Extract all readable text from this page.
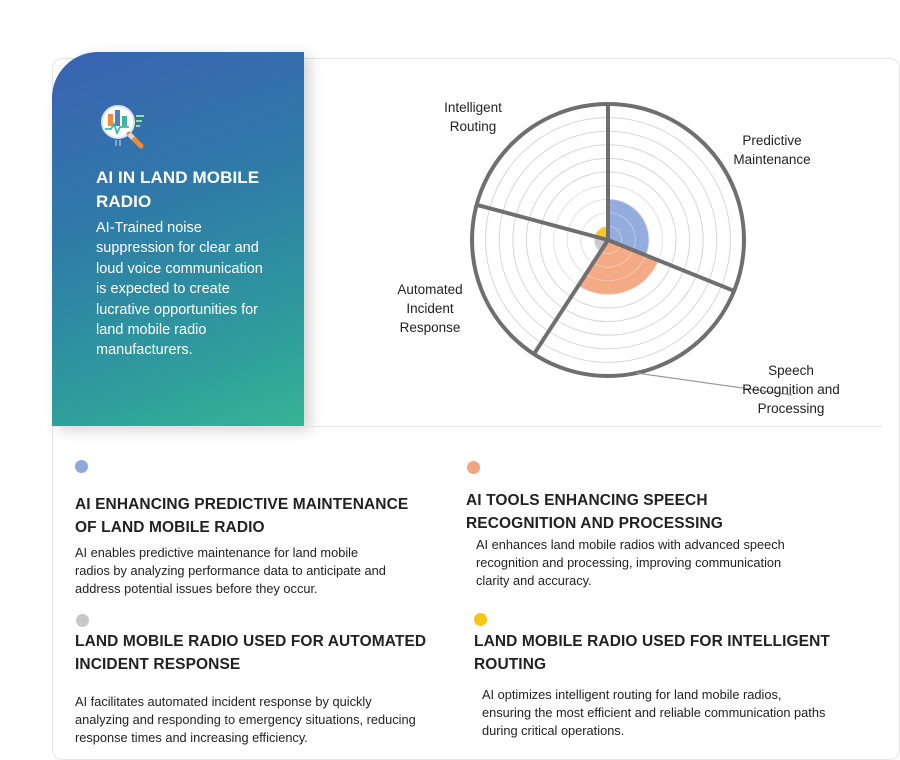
AI IN LAND MOBILE RADIO
AI-Trained noise suppression for clear and loud voice communication is expected to create lucrative opportunities for land mobile radio manufacturers.
Intelligent Routing
Predictive Maintenance
Automated Incident Response
Speech Recognition and Processing
AI ENHANCING PREDICTIVE MAINTENANCE
OF LAND MOBILE RADIO
AI enables predictive maintenance for land mobile
radios by analyzing performance data to anticipate and
address potential issues before they occur.
AI TOOLS ENHANCING SPEECH
RECOGNITION AND PROCESSING
AI enhances land mobile radios with advanced speech
recognition and processing, improving communication
clarity and accuracy.
LAND MOBILE RADIO USED FOR AUTOMATED
INCIDENT RESPONSE
AI facilitates automated incident response by quickly
analyzing and responding to emergency situations, reducing
response times and increasing efficiency.
LAND MOBILE RADIO USED FOR INTELLIGENT
ROUTING
AI optimizes intelligent routing for land mobile radios,
ensuring the most efficient and reliable communication paths
during critical operations.
